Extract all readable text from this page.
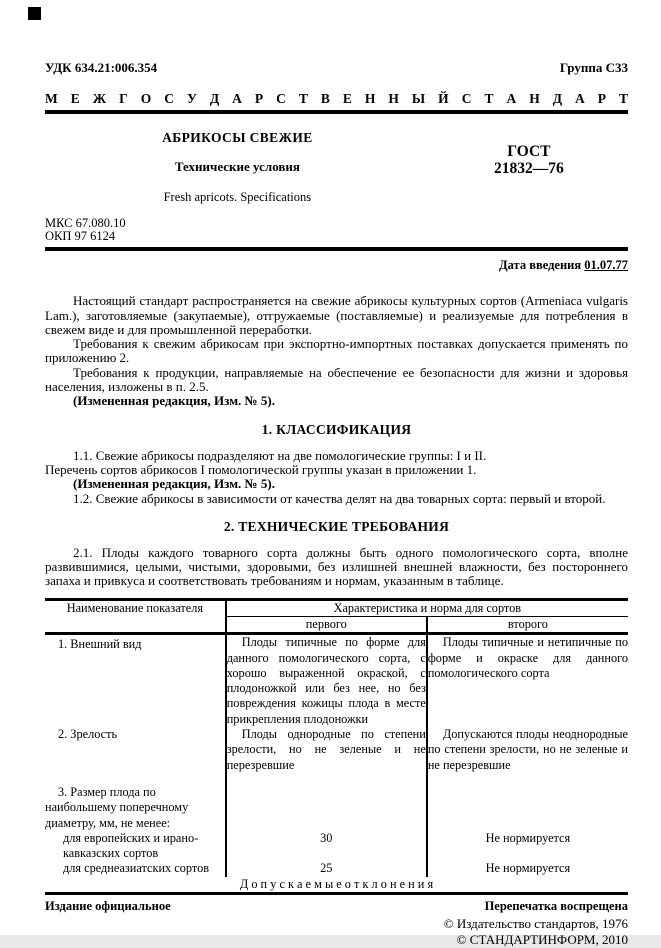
УДК 634.21:006.354	Группа С33
М Е Ж Г О С У Д А Р С Т В Е Н Н Ы Й С Т А Н Д А Р Т
АБРИКОСЫ СВЕЖИЕ
Технические условия
Fresh apricots. Specifications
ГОСТ
21832—76
МКС 67.080.10
ОКП 97 6124
Дата введения 01.07.77

Настоящий стандарт распространяется на свежие абрикосы культурных сортов (Armeniaca vulgaris Lam.), заготовляемые (закупаемые), отгружаемые (поставляемые) и реализуемые для потребления в свежем виде и для промышленной переработки.

Требования к свежим абрикосам при экспортно-импортных поставках допускается применять по приложению 2.

Требования к продукции, направляемые на обеспечение ее безопасности для жизни и здоровья населения, изложены в п. 2.5.

(Измененная редакция, Изм. № 5).

1. КЛАССИФИКАЦИЯ

1.1. Свежие абрикосы подразделяют на две помологические группы: I и II.

Перечень сортов абрикосов I помологической группы указан в приложении 1.

(Измененная редакция, Изм. № 5).

1.2. Свежие абрикосы в зависимости от качества делят на два товарных сорта: первый и второй.

2. ТЕХНИЧЕСКИЕ ТРЕБОВАНИЯ

2.1. Плоды каждого товарного сорта должны быть одного помологического сорта, вполне развившимися, целыми, чистыми, здоровыми, без излишней внешней влажности, без постороннего запаха и привкуса и соответствовать требованиям и нормам, указанным в таблице.

Наименование показателя	Характеристика и норма для сортов	
	первого	второго

1. Внешний вид	Плоды типичные по форме для данного помологического сорта, с хорошо выраженной окраской, с плодоножкой или без нее, но без повреждения кожицы плода в месте прикрепления плодоножки	Плоды типичные и нетипичные по форме и окраске для данного помологического сорта

2. Зрелость	Плоды однородные по степени зрелости, но не зеленые и не перезревшие	Допускаются плоды неоднородные по степени зрелости, но не зеленые и не перезревшие

3. Размер плода по наибольшему поперечному диаметру, мм, не менее:		

для европейских и ирано-кавказских сортов	30	Не нормируется

для среднеазиатских сортов	25	Не нормируется
Д о п у с к а е м ы е о т к л о н е н и я		
Издание официальное	Перепечатка воспрещена
© Издательство стандартов, 1976
© СТАНДАРТИНФОРМ, 2010
